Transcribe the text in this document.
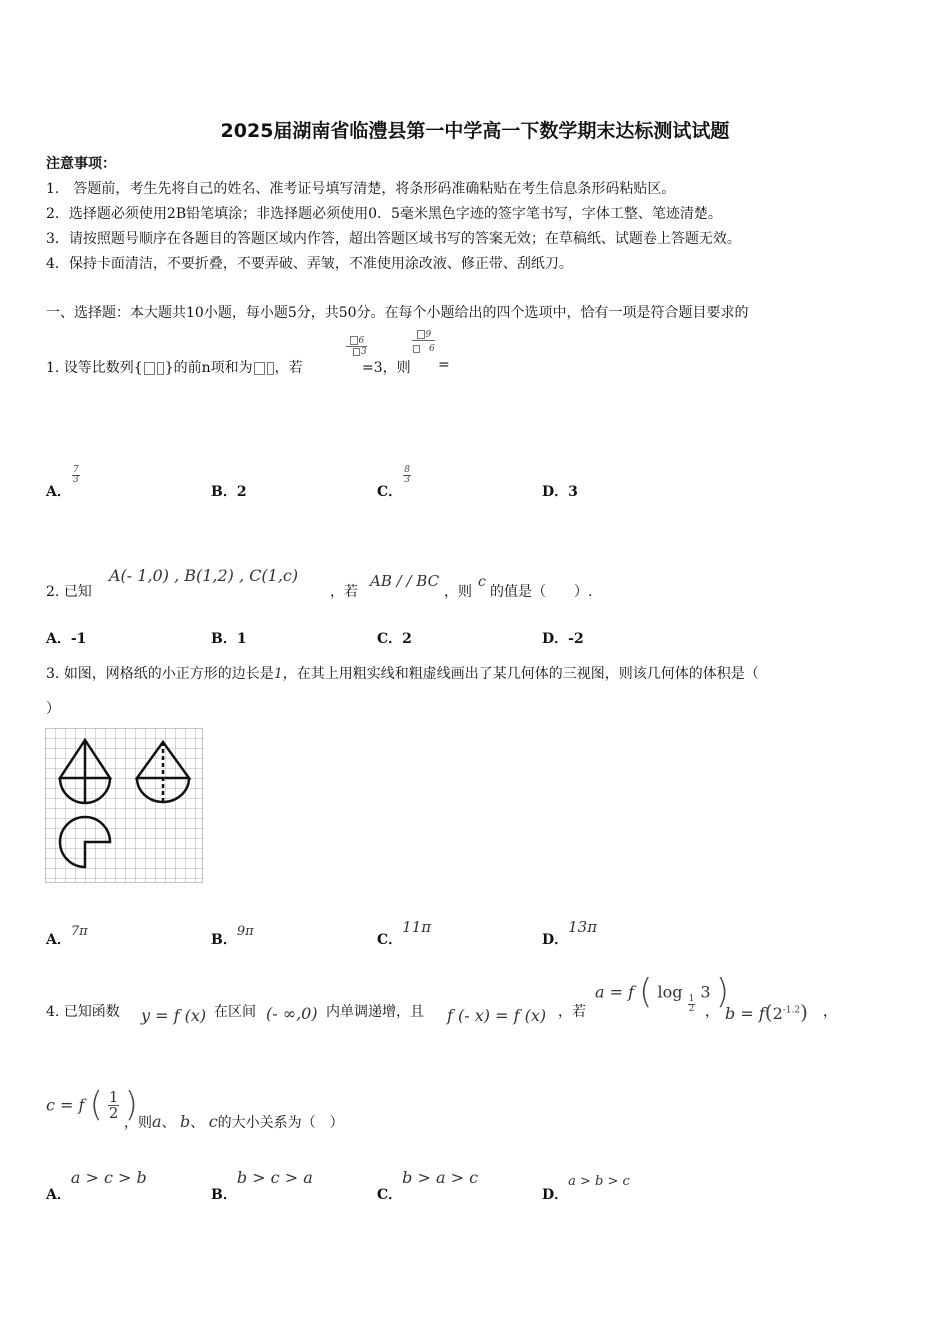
2025届湖南省临澧县第一中学高一下数学期末达标测试试题
注意事项：
1.　答题前，考生先将自己的姓名、准考证号填写清楚，将条形码准确粘贴在考生信息条形码粘贴区。
2．选择题必须使用2B铅笔填涂；非选择题必须使用0．5毫米黑色字迹的签字笔书写，字体工整、笔迹清楚。
3．请按照题号顺序在各题目的答题区域内作答，超出答题区域书写的答案无效；在草稿纸、试题卷上答题无效。
4．保持卡面清洁，不要折叠，不要弄破、弄皱，不准使用涂改液、修正带、刮纸刀。
一、选择题：本大题共10小题，每小题5分，共50分。在每个小题给出的四个选项中，恰有一项是符合题目要求的
1. 设等比数列{ }的前n项和为 ，若
6
3
=3，则
9
6
=
A．
$\frac{7}{3}$
B．2	C．
$\frac{8}{3}$
D．3
2. 已知
A(- 1,0) , B(1,2) , C(1,c)
，若
AB / / BC
，则
c
的值是（　　）.
A．-1	B．1	C．2	D．-2
3. 如图，网格纸的小正方形的边长是1，在其上用粗实线和粗虚线画出了某几何体的三视图，则该几何体的体积是（
）
A．7π
B．9π
C．11π
D．13π
4. 已知函数 y = f (x) 在区间 (- ∞,0) 内单调递增，且 f (- x) = f (x) ，若
a = f ( log
$\frac{1}{2}$
3 )
， $b = f(2^{-1.2})$ ，
c = f ( $\frac{1}{2}$ )
，则a、 b、 c的大小关系为（　）
A．a > c > b
B．b > c > a
C．b > a > c
D．a > b > c
